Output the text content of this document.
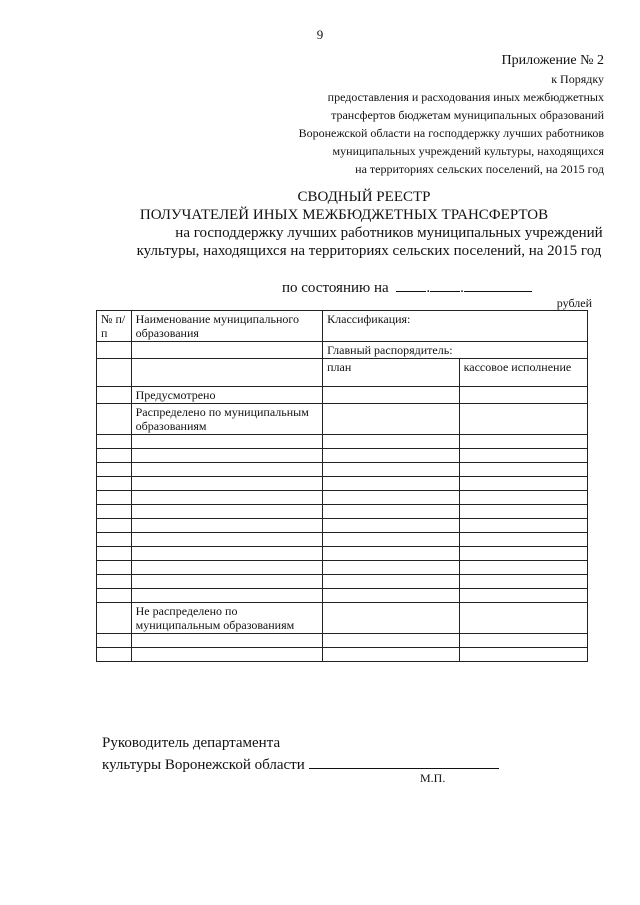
9
Приложение № 2
к Порядку
предоставления и расходования иных межбюджетных
трансфертов бюджетам муниципальных образований
Воронежской области на господдержку лучших работников
муниципальных учреждений культуры, находящихся
на территориях сельских поселений, на 2015 год
СВОДНЫЙ РЕЕСТР
ПОЛУЧАТЕЛЕЙ ИНЫХ МЕЖБЮДЖЕТНЫХ ТРАНСФЕРТОВ
на господдержку лучших работников муниципальных учреждений
культуры, находящихся на территориях сельских поселений, на 2015 год
по состоянию на	. .
рублей
№ п/п	Наименование муниципального образования	Классификация:	
		Главный распорядитель:	
		план	кассовое исполнение
	Предусмотрено		
	Распределено по муниципальным образованиям		

	Не распределено по муниципальным образованиям		

Руководитель департамента
культуры Воронежской области
М.П.
